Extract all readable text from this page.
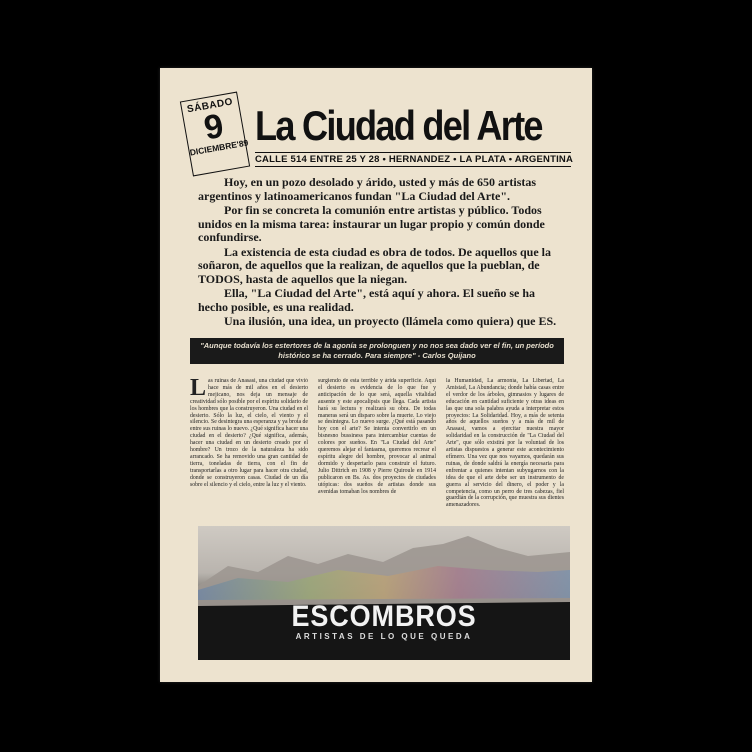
SÁBADO
9
DICIEMBRE'89 La Ciudad del Arte
CALLE 514 ENTRE 25 Y 28 • HERNANDEZ • LA PLATA • ARGENTINA

Hoy, en un pozo desolado y árido, usted y más de 650 artistas argentinos y latinoamericanos fundan "La Ciudad del Arte".

Por fin se concreta la comunión entre artistas y público. Todos unidos en la misma tarea: instaurar un lugar propio y común donde confundirse.

La existencia de esta ciudad es obra de todos. De aquellos que la soñaron, de aquellos que la realizan, de aquellos que la pueblan, de TODOS, hasta de aquellos que la niegan.

Ella, "La Ciudad del Arte", está aquí y ahora. El sueño se ha hecho posible, es una realidad.

Una ilusión, una idea, un proyecto (llámela como quiera) que ES.

"Aunque todavía los estertores de la agonía se prolonguen y no nos sea dado ver el fin, un período histórico se ha cerrado. Para siempre" - Carlos Quijano

Las ruinas de Anasasi, una ciudad que vivió hace más de mil años en el desierto mejicano, nos deja un mensaje de creatividad sólo posible por el espíritu solidario de los hombres que la construyeron. Una ciudad en el desierto. Sólo la luz, el cielo, el viento y el silencio. Se desintegra una esperanza y ya brota de entre sus ruinas lo nuevo. ¿Qué significa hacer una ciudad en el desierto? ¿Qué significa, además, hacer una ciudad en un desierto creado por el hombre? Un trozo de la naturaleza ha sido arrancado. Se ha removido una gran cantidad de tierra, toneladas de tierra, con el fin de transportarlas a otro lugar para hacer otra ciudad, donde se construyeron casas. Ciudad de un día sobre el silencio y el cielo, entre la luz y el viento.

surgiendo de esta terrible y árida superficie. Aquí el desierto es evidencia de lo que fue y anticipación de lo que será, aquella vitalidad ausente y este apocalipsis que llega. Cada artista hará su lectura y realizará su obra. De todas maneras será un disparo sobre la muerte. Lo viejo se desintegra. Lo nuevo surge. ¿Qué está pasando hoy con el arte? Se intenta convertirlo en un bisnesno bussiness para intercambiar cuentas de colores por sueños. En "La Ciudad del Arte" queremos alejar el fantasma, queremos recrear el espíritu alegre del hombre, provocar al animal dormido y despertarlo para construir el futuro. Julio Dittrich en 1908 y Pierre Quiroule en 1914 publicaron en Bs. As. dos proyectos de ciudades utópicas: dos sueños de artistas donde sus avenidas tomaban los nombres de

la Humanidad, La armonía, La Libertad, La Amistad, La Abundancia; donde había casas entre el verdor de los árboles, gimnasios y lugares de educación en cantidad suficiente y otras ideas en las que una sola palabra ayuda a interpretar estos proyectos: La Solidaridad. Hoy, a más de setenta años de aquellos sueños y a más de mil de Anasasi, vamos a ejercitar nuestra mayor solidaridad en la construcción de "La Ciudad del Arte", que sólo existirá por la voluntad de los artistas dispuestos a generar este acontecimiento efímero. Una vez que nos vayamos, quedarán sus ruinas, de donde saldrá la energía necesaria para enfrentar a quienes intentan subyugarnos con la idea de que el arte debe ser un instrumento de guerra al servicio del dinero, el poder y la competencia, como un perro de tres cabezas, fiel guardián de la corrupción, que muestra sus dientes amenazadores.

ESCOMBROS
ARTISTAS DE LO QUE QUEDA
